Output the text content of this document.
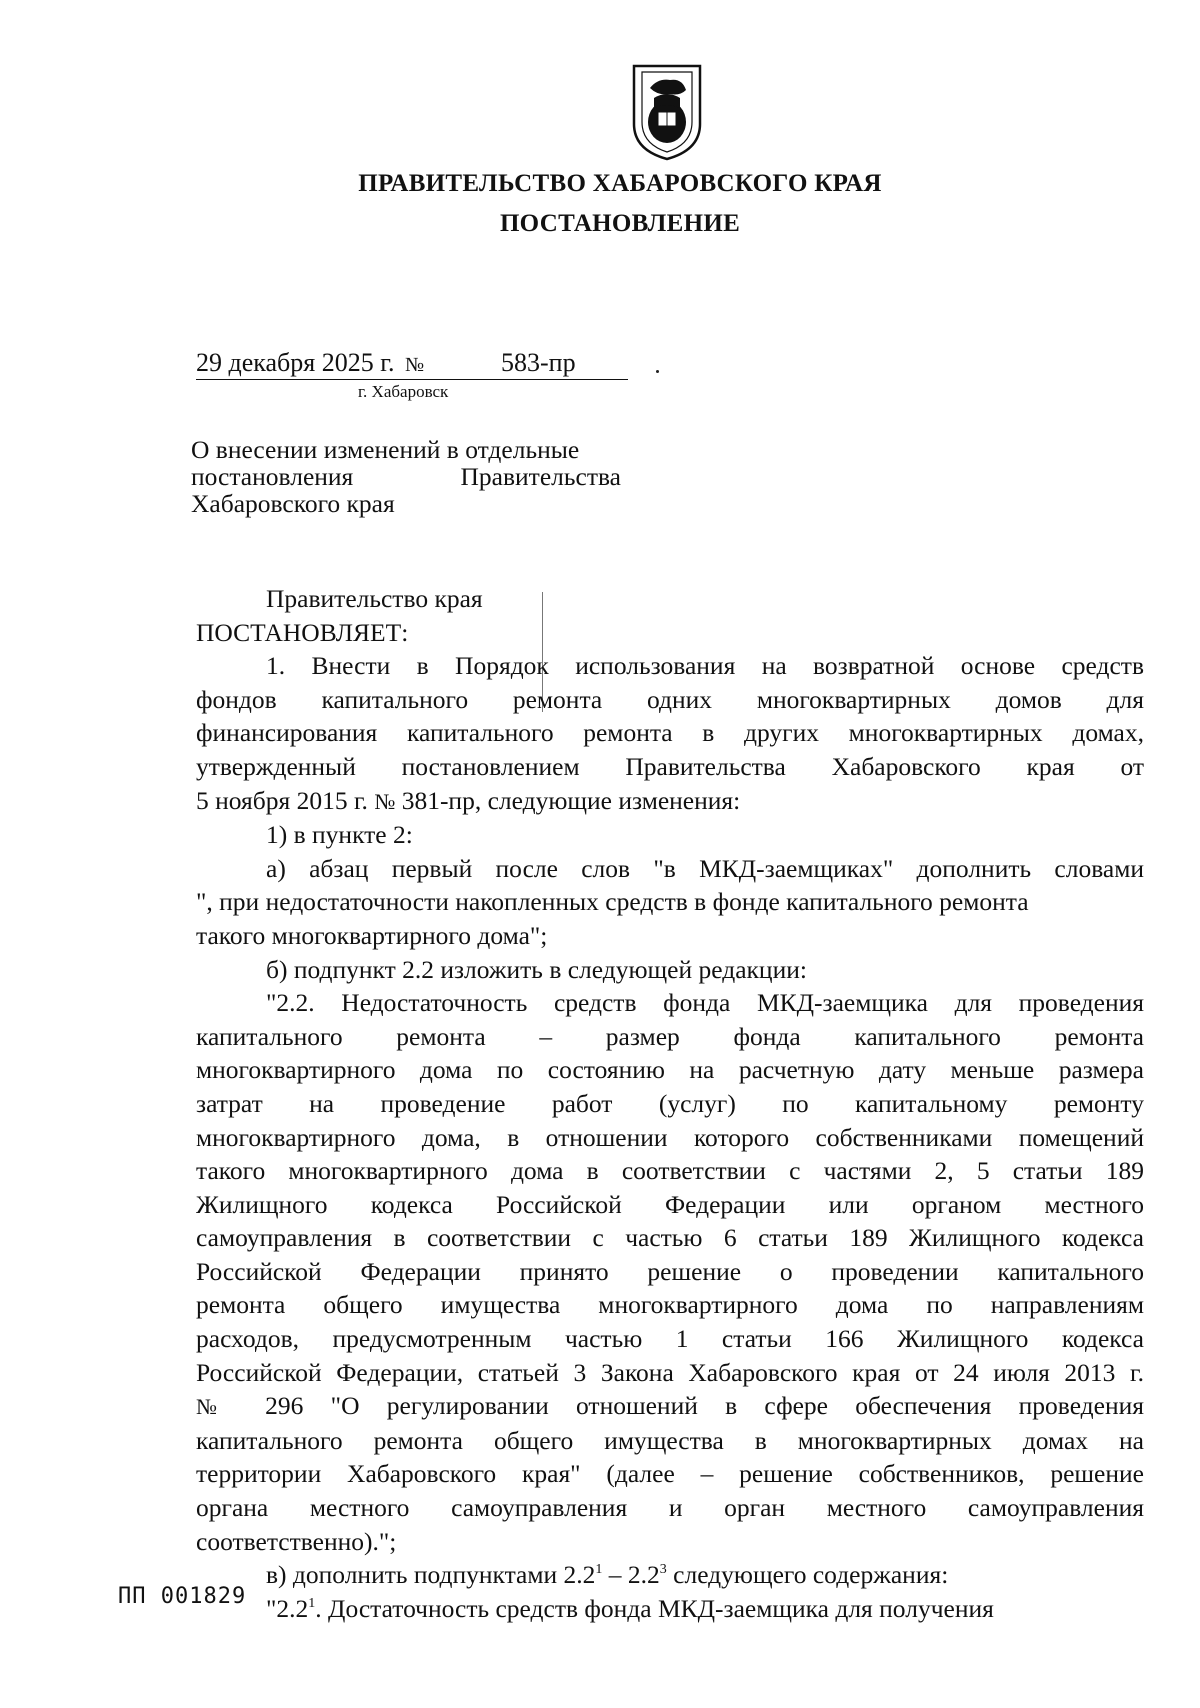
ПРАВИТЕЛЬСТВО ХАБАРОВСКОГО КРАЯ
ПОСТАНОВЛЕНИЕ
29 декабря 2025 г. №	583-пр
г. Хабаровск
О внесении изменений в отдельные
постановления	Правительства
Хабаровского края
Правительство края
ПОСТАНОВЛЯЕТ:
1. Внести в Порядок использования на возвратной основе средств
фондов капитального ремонта одних многоквартирных домов для
финансирования капитального ремонта в других многоквартирных домах,
утвержденный постановлением Правительства Хабаровского края от
5 ноября 2015 г. № 381-пр, следующие изменения:
1) в пункте 2:
а) абзац первый после слов "в МКД-заемщиках" дополнить словами
", при недостаточности накопленных средств в фонде капитального ремонта
такого многоквартирного дома";
б) подпункт 2.2 изложить в следующей редакции:
"2.2. Недостаточность средств фонда МКД-заемщика для проведения
капитального ремонта – размер фонда капитального ремонта
многоквартирного дома по состоянию на расчетную дату меньше размера
затрат на проведение работ (услуг) по капитальному ремонту
многоквартирного дома, в отношении которого собственниками помещений
такого многоквартирного дома в соответствии с частями 2, 5 статьи 189
Жилищного кодекса Российской Федерации или органом местного
самоуправления в соответствии с частью 6 статьи 189 Жилищного кодекса
Российской Федерации принято решение о проведении капитального
ремонта общего имущества многоквартирного дома по направлениям
расходов, предусмотренным частью 1 статьи 166 Жилищного кодекса
Российской Федерации, статьей 3 Закона Хабаровского края от 24 июля 2013 г.
№ 296 "О регулировании отношений в сфере обеспечения проведения
капитального ремонта общего имущества в многоквартирных домах на
территории Хабаровского края" (далее – решение собственников, решение
органа местного самоуправления и орган местного самоуправления
соответственно).";
в) дополнить подпунктами $2.2^1 - 2.2^3$ следующего содержания:
"$2.2^1$. Достаточность средств фонда МКД-заемщика для получения
ПП 001829
